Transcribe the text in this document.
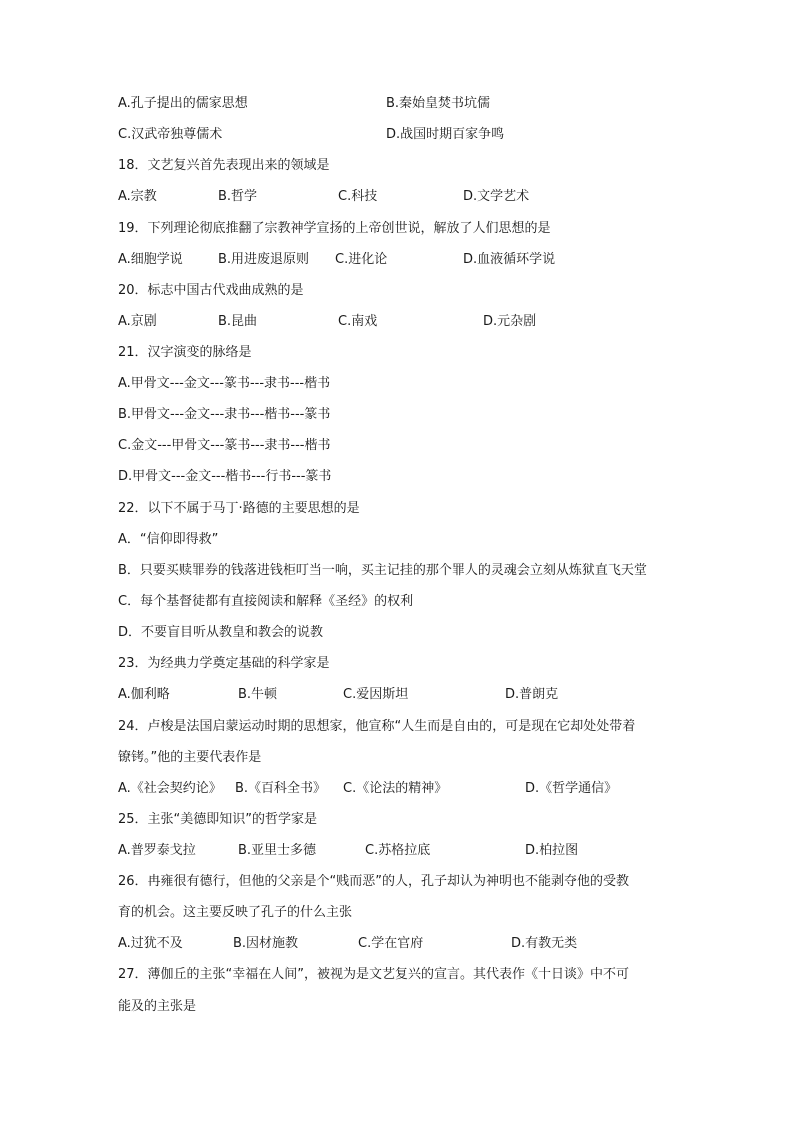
A.孔子提出的儒家思想	B.秦始皇焚书坑儒
C.汉武帝独尊儒术	D.战国时期百家争鸣
18．文艺复兴首先表现出来的领域是
A.宗教	B.哲学	C.科技	D.文学艺术
19．下列理论彻底推翻了宗教神学宣扬的上帝创世说，解放了人们思想的是
A.细胞学说	B.用进废退原则 C.进化论	D.血液循环学说
20．标志中国古代戏曲成熟的是
A.京剧	B.昆曲	C.南戏	D.元杂剧
21．汉字演变的脉络是
A.甲骨文---金文---篆书---隶书---楷书
B.甲骨文---金文---隶书---楷书---篆书
C.金文---甲骨文---篆书---隶书---楷书
D.甲骨文---金文---楷书---行书---篆书
22．以下不属于马丁·路德的主要思想的是
A．“信仰即得救”
B．只要买赎罪券的钱落进钱柜叮当一响，买主记挂的那个罪人的灵魂会立刻从炼狱直飞天堂
C．每个基督徒都有直接阅读和解释《圣经》的权利
D．不要盲目听从教皇和教会的说教
23．为经典力学奠定基础的科学家是
A.伽利略	B.牛顿	C.爱因斯坦	D.普朗克
24．卢梭是法国启蒙运动时期的思想家，他宣称“人生而是自由的，可是现在它却处处带着
镣铐。”他的主要代表作是
A.《社会契约论》 B.《百科全书》 C.《论法的精神》	D.《哲学通信》
25．主张“美德即知识”的哲学家是
A.普罗泰戈拉	B.亚里士多德	C.苏格拉底	D.柏拉图
26．冉雍很有德行，但他的父亲是个“贱而恶”的人，孔子却认为神明也不能剥夺他的受教
育的机会。这主要反映了孔子的什么主张
A.过犹不及	B.因材施教	C.学在官府	D.有教无类
27．薄伽丘的主张“幸福在人间”，被视为是文艺复兴的宣言。其代表作《十日谈》中不可
能及的主张是
